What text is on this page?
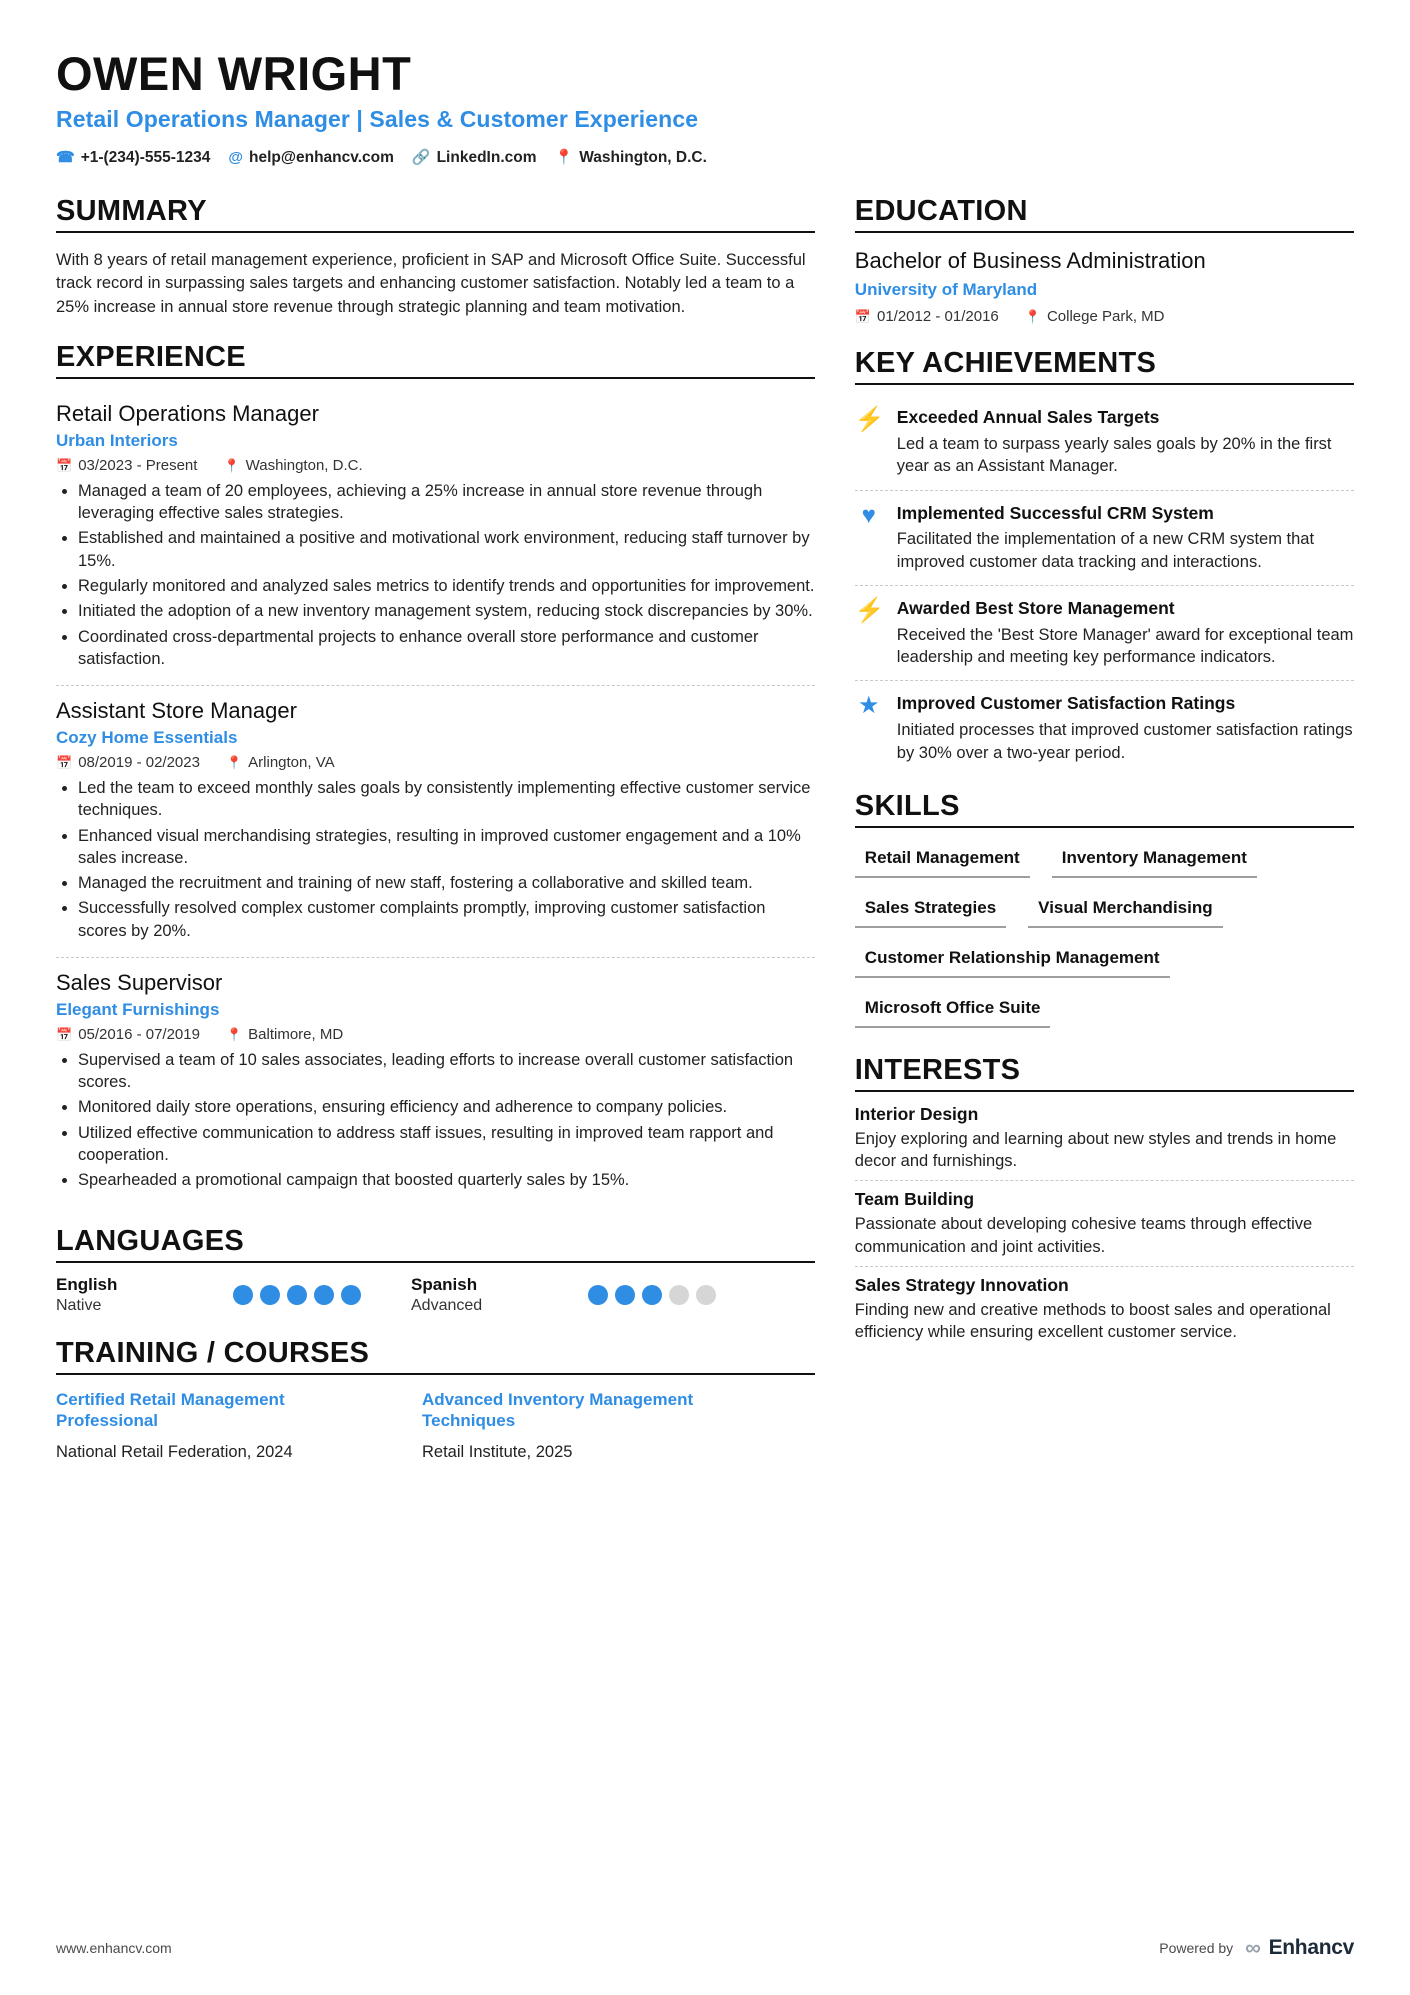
OWEN WRIGHT
Retail Operations Manager | Sales & Customer Experience
☎ +1-(234)-555-1234 @ help@enhancv.com 🔗 LinkedIn.com 📍 Washington, D.C.
SUMMARY

With 8 years of retail management experience, proficient in SAP and Microsoft Office Suite. Successful track record in surpassing sales targets and enhancing customer satisfaction. Notably led a team to a 25% increase in annual store revenue through strategic planning and team motivation.

EXPERIENCE
Retail Operations Manager
Urban Interiors
📅 03/2023 - Present 📍 Washington, D.C.
• Managed a team of 20 employees, achieving a 25% increase in annual store revenue through leveraging effective sales strategies.
• Established and maintained a positive and motivational work environment, reducing staff turnover by 15%.
• Regularly monitored and analyzed sales metrics to identify trends and opportunities for improvement.
• Initiated the adoption of a new inventory management system, reducing stock discrepancies by 30%.
• Coordinated cross-departmental projects to enhance overall store performance and customer satisfaction.
Assistant Store Manager
Cozy Home Essentials
📅 08/2019 - 02/2023 📍 Arlington, VA
• Led the team to exceed monthly sales goals by consistently implementing effective customer service techniques.
• Enhanced visual merchandising strategies, resulting in improved customer engagement and a 10% sales increase.
• Managed the recruitment and training of new staff, fostering a collaborative and skilled team.
• Successfully resolved complex customer complaints promptly, improving customer satisfaction scores by 20%.
Sales Supervisor
Elegant Furnishings
📅 05/2016 - 07/2019 📍 Baltimore, MD
• Supervised a team of 10 sales associates, leading efforts to increase overall customer satisfaction scores.
• Monitored daily store operations, ensuring efficiency and adherence to company policies.
• Utilized effective communication to address staff issues, resulting in improved team rapport and cooperation.
• Spearheaded a promotional campaign that boosted quarterly sales by 15%.
LANGUAGES
English
Native
Spanish
Advanced
TRAINING / COURSES
Certified Retail Management Professional
National Retail Federation, 2024
Advanced Inventory Management Techniques
Retail Institute, 2025
EDUCATION
Bachelor of Business Administration
University of Maryland
📅 01/2012 - 01/2016 📍 College Park, MD
KEY ACHIEVEMENTS
⚡ Exceeded Annual Sales Targets
Led a team to surpass yearly sales goals by 20% in the first year as an Assistant Manager.
♥	Implemented Successful CRM System
Facilitated the implementation of a new CRM system that improved customer data tracking and interactions.
⚡ Awarded Best Store Management
Received the 'Best Store Manager' award for exceptional team leadership and meeting key performance indicators.
★ Improved Customer Satisfaction Ratings
Initiated processes that improved customer satisfaction ratings by 30% over a two-year period.
SKILLS
Retail Management	Inventory Management
Sales Strategies	Visual Merchandising
Customer Relationship Management
Microsoft Office Suite
INTERESTS
Interior Design
Enjoy exploring and learning about new styles and trends in home decor and furnishings.
Team Building
Passionate about developing cohesive teams through effective communication and joint activities.
Sales Strategy Innovation
Finding new and creative methods to boost sales and operational efficiency while ensuring excellent customer service.
www.enhancv.com	Powered by ∞ Enhancv
